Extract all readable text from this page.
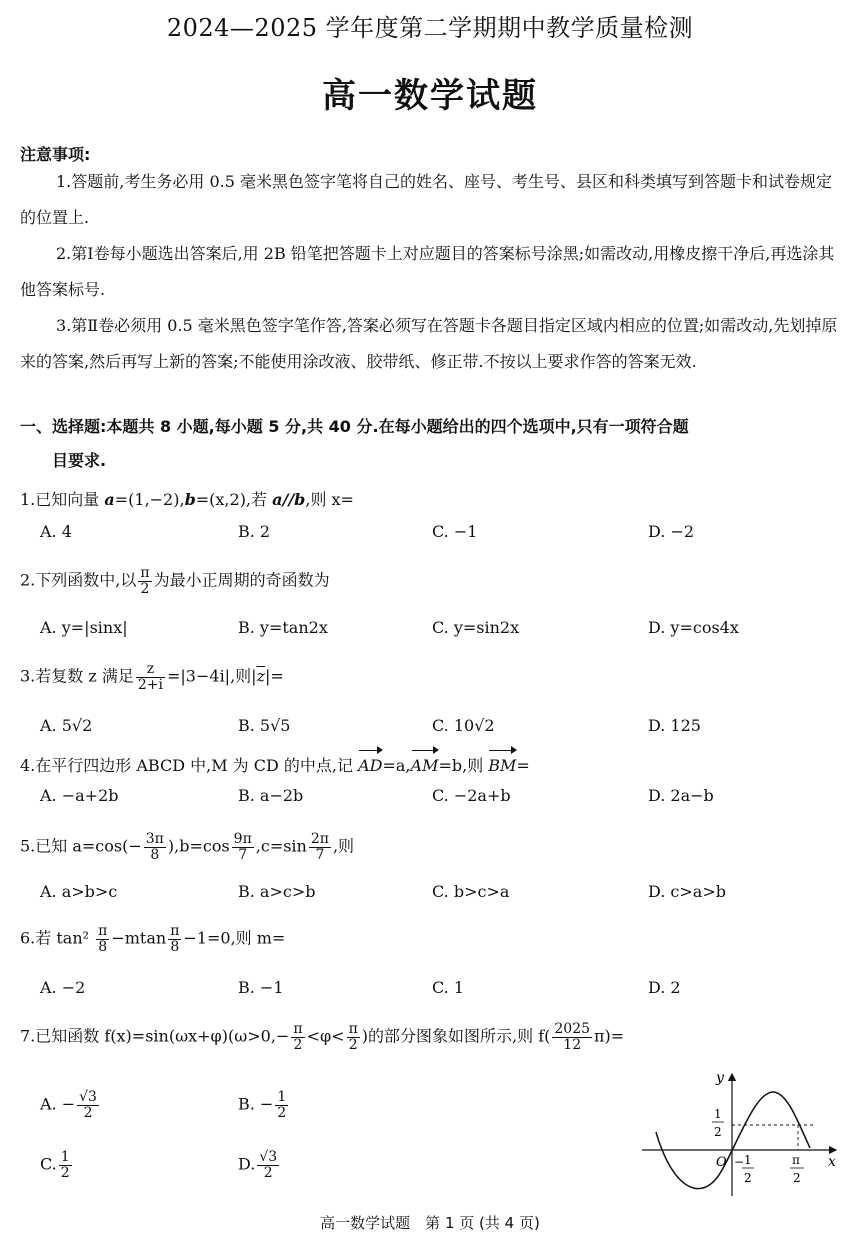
2024—2025 学年度第二学期期中教学质量检测
高一数学试题
注意事项:
1.答题前,考生务必用 0.5 毫米黑色签字笔将自己的姓名、座号、考生号、县区和科类填写到答题卡和试卷规定的位置上.
2.第Ⅰ卷每小题选出答案后,用 2B 铅笔把答题卡上对应题目的答案标号涂黑;如需改动,用橡皮擦干净后,再选涂其他答案标号.
3.第Ⅱ卷必须用 0.5 毫米黑色签字笔作答,答案必须写在答题卡各题目指定区域内相应的位置;如需改动,先划掉原来的答案,然后再写上新的答案;不能使用涂改液、胶带纸、修正带.不按以上要求作答的答案无效.
一、选择题:本题共 8 小题,每小题 5 分,共 40 分.在每小题给出的四个选项中,只有一项符合题
目要求.
1.已知向量 a=(1,−2),b=(x,2),若 a//b,则 x=
A. 4	B. 2	C. −1	D. −2
2.下列函数中,以 $\frac{\pi}{2}$ 为最小正周期的奇函数为
A. y=|sinx|	B. y=tan2x	C. y=sin2x	D. y=cos4x
3.若复数 z 满足 $\frac{z}{2+i} =|3-4i|$,则$|\overline{z}|=$
A. 5√2	B. 5√5	C. 10√2	D. 125
4.在平行四边形 ABCD 中,M 为 CD 的中点,记 AD=a,AM=b,则 BM=
A. −a+2b	B. a−2b	C. −2a+b	D. 2a−b
5.已知 $a=\cos(- \frac{3\pi}{8} ),b=\cos \frac{9\pi}{7} ,c=\sin \frac{2\pi}{7}$ ,则
A. a>b>c	B. a>c>b	C. b>c>a	D. c>a>b
6.若 $\tan^2 \frac{\pi}{8} -mtan \frac{\pi}{8} -1=0$,则 m=
A. −2	B. −1	C. 1	D. 2
7.已知函数 $f(x)=\sin(\omega x+\varphi)(\omega>0,- \frac{\pi}{2} <\varphi< \frac{\pi}{2}$ )的部分图象如图所示,则 $f( \frac{2025}{12} \pi)=$
A. − $\frac{√3}{2}$	B. − $\frac{1}{2}$
C. $\frac{1}{2}$	D. $\frac{√3}{2}$
y
x
O
1
2
− 1
2
π
2
高一数学试题　第 1 页 (共 4 页)
